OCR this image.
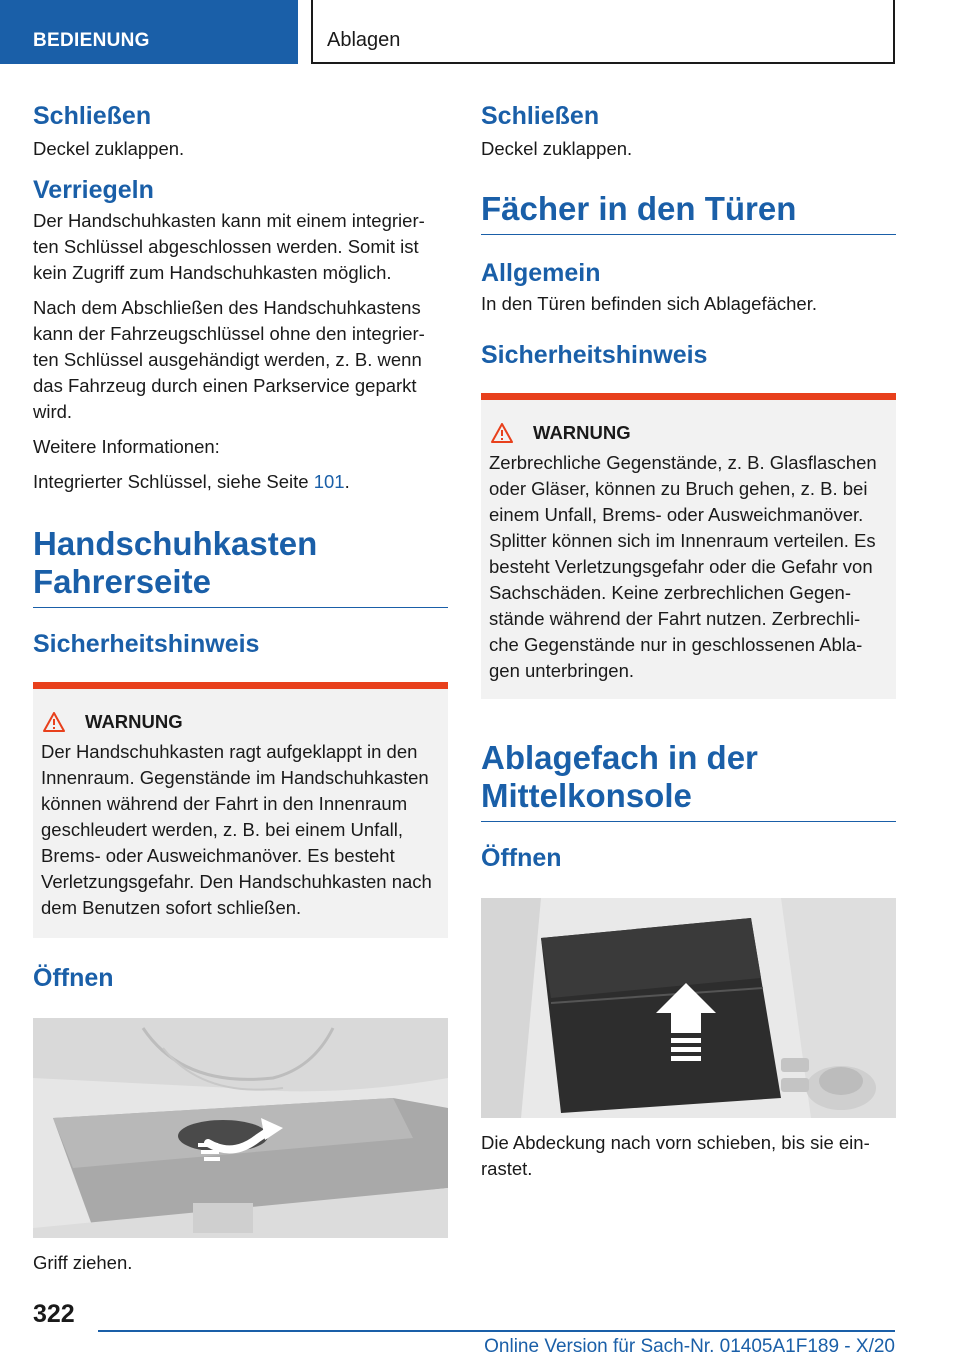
BEDIENUNG	Ablagen
Schließen

Deckel zuklappen.

Verriegeln

Der Handschuhkasten kann mit einem integrier-ten Schlüssel abgeschlossen werden. Somit ist kein Zugriff zum Handschuhkasten möglich.

Nach dem Abschließen des Handschuhkastens kann der Fahrzeugschlüssel ohne den integrier-ten Schlüssel ausgehändigt werden, z. B. wenn das Fahrzeug durch einen Parkservice geparkt wird.

Weitere Informationen:

Integrierter Schlüssel, siehe Seite 101.

Handschuhkasten
Fahrerseite
Sicherheitshinweis
WARNUNG

Der Handschuhkasten ragt aufgeklappt in den Innenraum. Gegenstände im Handschuhkasten können während der Fahrt in den Innenraum geschleudert werden, z. B. bei einem Unfall, Brems- oder Ausweichmanöver. Es besteht Verletzungsgefahr. Den Handschuhkasten nach dem Benutzen sofort schließen.

Öffnen

Griff ziehen.

Schließen

Deckel zuklappen.

Fächer in den Türen
Allgemein

In den Türen befinden sich Ablagefächer.

Sicherheitshinweis
WARNUNG

Zerbrechliche Gegenstände, z. B. Glasflaschen oder Gläser, können zu Bruch gehen, z. B. bei einem Unfall, Brems- oder Ausweichmanöver. Splitter können sich im Innenraum verteilen. Es besteht Verletzungsgefahr oder die Gefahr von Sachschäden. Keine zerbrechlichen Gegen-stände während der Fahrt nutzen. Zerbrechli-che Gegenstände nur in geschlossenen Abla-gen unterbringen.

Ablagefach in der
Mittelkonsole
Öffnen

Die Abdeckung nach vorn schieben, bis sie ein-rastet.

322
Online Version für Sach-Nr. 01405A1F189 - X/20
